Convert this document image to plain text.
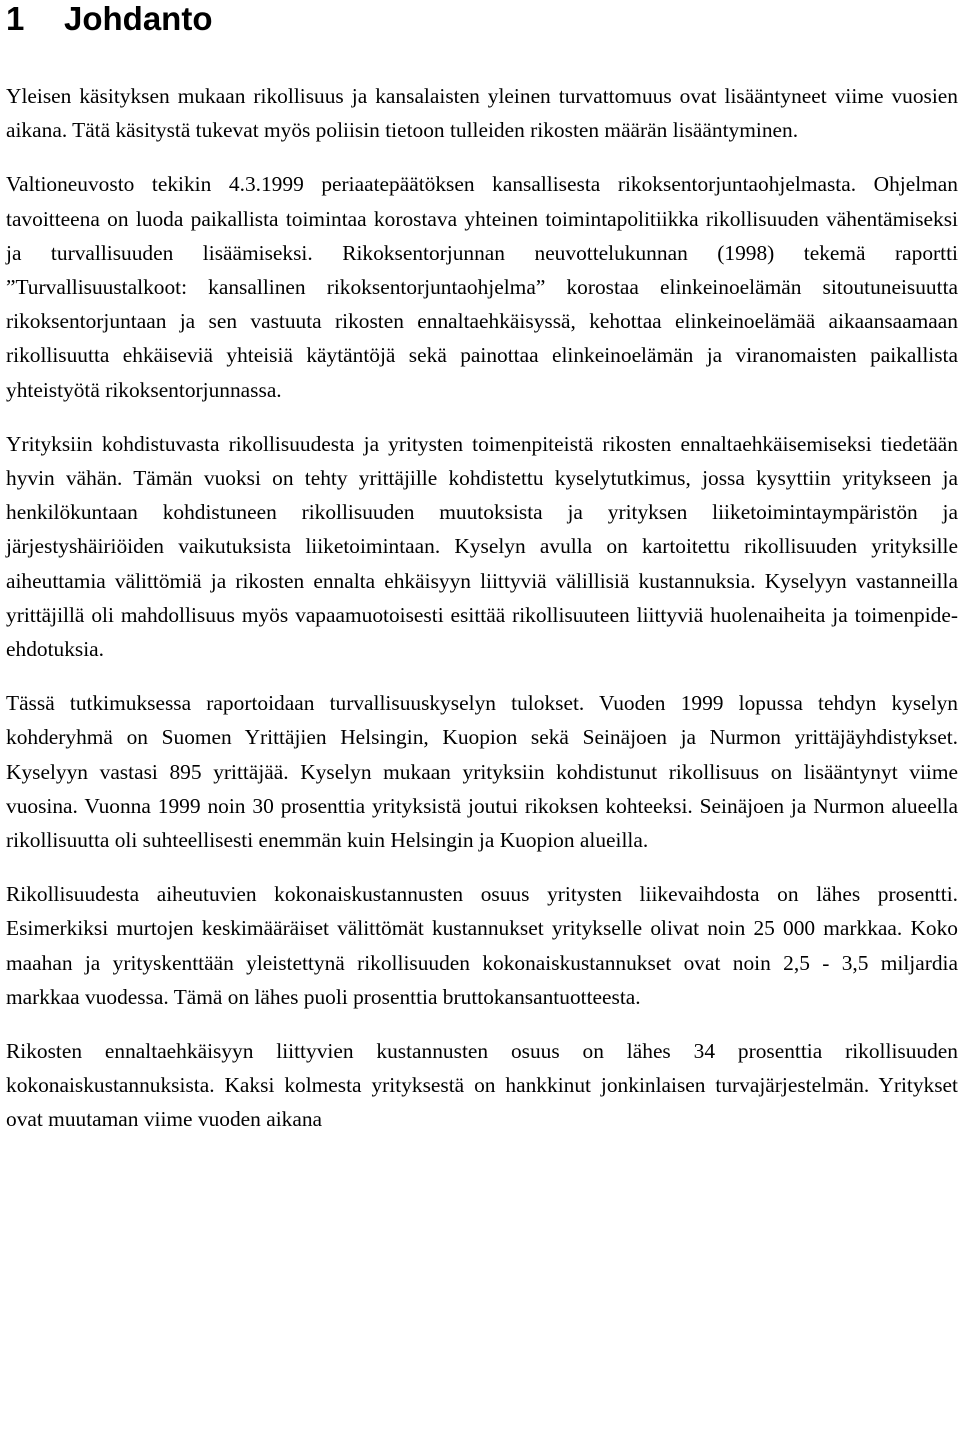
1 Johdanto

Yleisen käsityksen mukaan rikollisuus ja kansalaisten yleinen turvattomuus ovat lisääntyneet viime vuosien aikana. Tätä käsitystä tukevat myös poliisin tietoon tulleiden rikosten määrän lisääntyminen.

Valtioneuvosto tekikin 4.3.1999 periaatepäätöksen kansallisesta rikoksentorjuntaohjelmasta. Ohjelman tavoitteena on luoda paikallista toimintaa korostava yhteinen toimintapolitiikka rikollisuuden vähentämiseksi ja turvallisuuden lisäämiseksi. Rikoksentorjunnan neuvottelukunnan (1998) tekemä raportti ”Turvallisuustalkoot: kansallinen rikoksentorjuntaohjelma” korostaa elinkeinoelämän sitoutuneisuutta rikoksentorjuntaan ja sen vastuuta rikosten ennaltaehkäisyssä, kehottaa elinkeinoelämää aikaansaamaan rikollisuutta ehkäiseviä yhteisiä käytäntöjä sekä painottaa elinkeinoelämän ja viranomaisten paikallista yhteistyötä rikoksentorjunnassa.

Yrityksiin kohdistuvasta rikollisuudesta ja yritysten toimenpiteistä rikosten ennaltaehkäisemiseksi tiedetään hyvin vähän. Tämän vuoksi on tehty yrittäjille kohdistettu kyselytutkimus, jossa kysyttiin yritykseen ja henkilökuntaan kohdistuneen rikollisuuden muutoksista ja yrityksen liiketoimintaympäristön ja järjestyshäiriöiden vaikutuksista liiketoimintaan. Kyselyn avulla on kartoitettu rikollisuuden yrityksille aiheuttamia välittömiä ja rikosten ennalta ehkäisyyn liittyviä välillisiä kustannuksia. Kyselyyn vastanneilla yrittäjillä oli mahdollisuus myös vapaamuotoisesti esittää rikollisuuteen liittyviä huolenaiheita ja toimenpide-ehdotuksia.

Tässä tutkimuksessa raportoidaan turvallisuuskyselyn tulokset. Vuoden 1999 lopussa tehdyn kyselyn kohderyhmä on Suomen Yrittäjien Helsingin, Kuopion sekä Seinäjoen ja Nurmon yrittäjäyhdistykset. Kyselyyn vastasi 895 yrittäjää. Kyselyn mukaan yrityksiin kohdistunut rikollisuus on lisääntynyt viime vuosina. Vuonna 1999 noin 30 prosenttia yrityksistä joutui rikoksen kohteeksi. Seinäjoen ja Nurmon alueella rikollisuutta oli suhteellisesti enemmän kuin Helsingin ja Kuopion alueilla.

Rikollisuudesta aiheutuvien kokonaiskustannusten osuus yritysten liikevaihdosta on lähes prosentti. Esimerkiksi murtojen keskimääräiset välittömät kustannukset yritykselle olivat noin 25 000 markkaa. Koko maahan ja yrityskenttään yleistettynä rikollisuuden kokonaiskustannukset ovat noin 2,5 - 3,5 miljardia markkaa vuodessa. Tämä on lähes puoli prosenttia bruttokansantuotteesta.

Rikosten ennaltaehkäisyyn liittyvien kustannusten osuus on lähes 34 prosenttia rikollisuuden kokonaiskustannuksista. Kaksi kolmesta yrityksestä on hankkinut jonkinlaisen turvajärjestelmän. Yritykset ovat muutaman viime vuoden aikana
